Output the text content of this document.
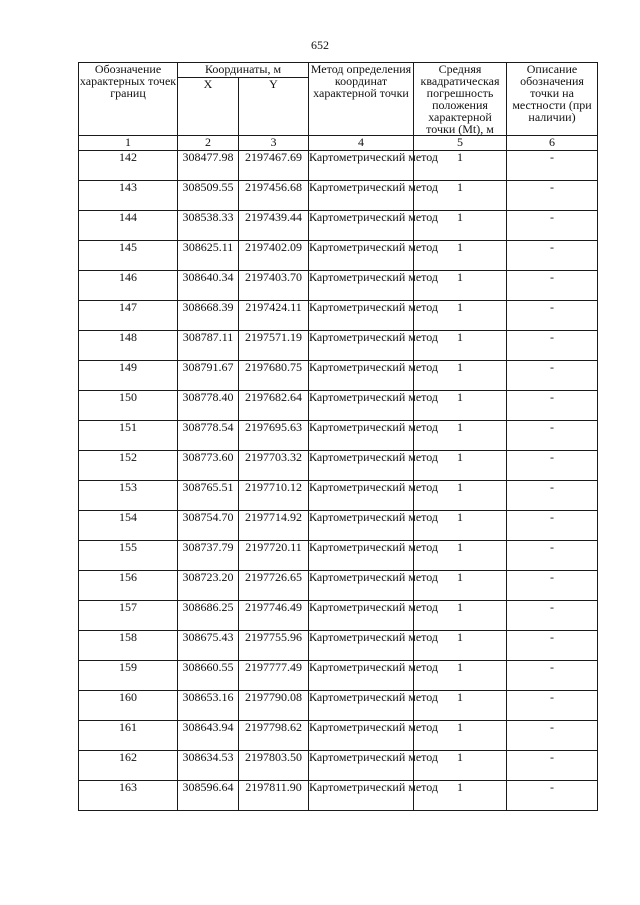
652
Обозначение характерных точек границ	Координаты, м		Метод определения координат характерной точки	Средняя квадратическая погрешность положения характерной точки (Mt), м	Описание обозначения точки на местности (при наличии)
	X	Y			
1	2	3	4	5	6
142	308477.98	2197467.69	Картометрический метод	1	-
143	308509.55	2197456.68	Картометрический метод	1	-
144	308538.33	2197439.44	Картометрический метод	1	-
145	308625.11	2197402.09	Картометрический метод	1	-
146	308640.34	2197403.70	Картометрический метод	1	-
147	308668.39	2197424.11	Картометрический метод	1	-
148	308787.11	2197571.19	Картометрический метод	1	-
149	308791.67	2197680.75	Картометрический метод	1	-
150	308778.40	2197682.64	Картометрический метод	1	-
151	308778.54	2197695.63	Картометрический метод	1	-
152	308773.60	2197703.32	Картометрический метод	1	-
153	308765.51	2197710.12	Картометрический метод	1	-
154	308754.70	2197714.92	Картометрический метод	1	-
155	308737.79	2197720.11	Картометрический метод	1	-
156	308723.20	2197726.65	Картометрический метод	1	-
157	308686.25	2197746.49	Картометрический метод	1	-
158	308675.43	2197755.96	Картометрический метод	1	-
159	308660.55	2197777.49	Картометрический метод	1	-
160	308653.16	2197790.08	Картометрический метод	1	-
161	308643.94	2197798.62	Картометрический метод	1	-
162	308634.53	2197803.50	Картометрический метод	1	-
163	308596.64	2197811.90	Картометрический метод	1	-
